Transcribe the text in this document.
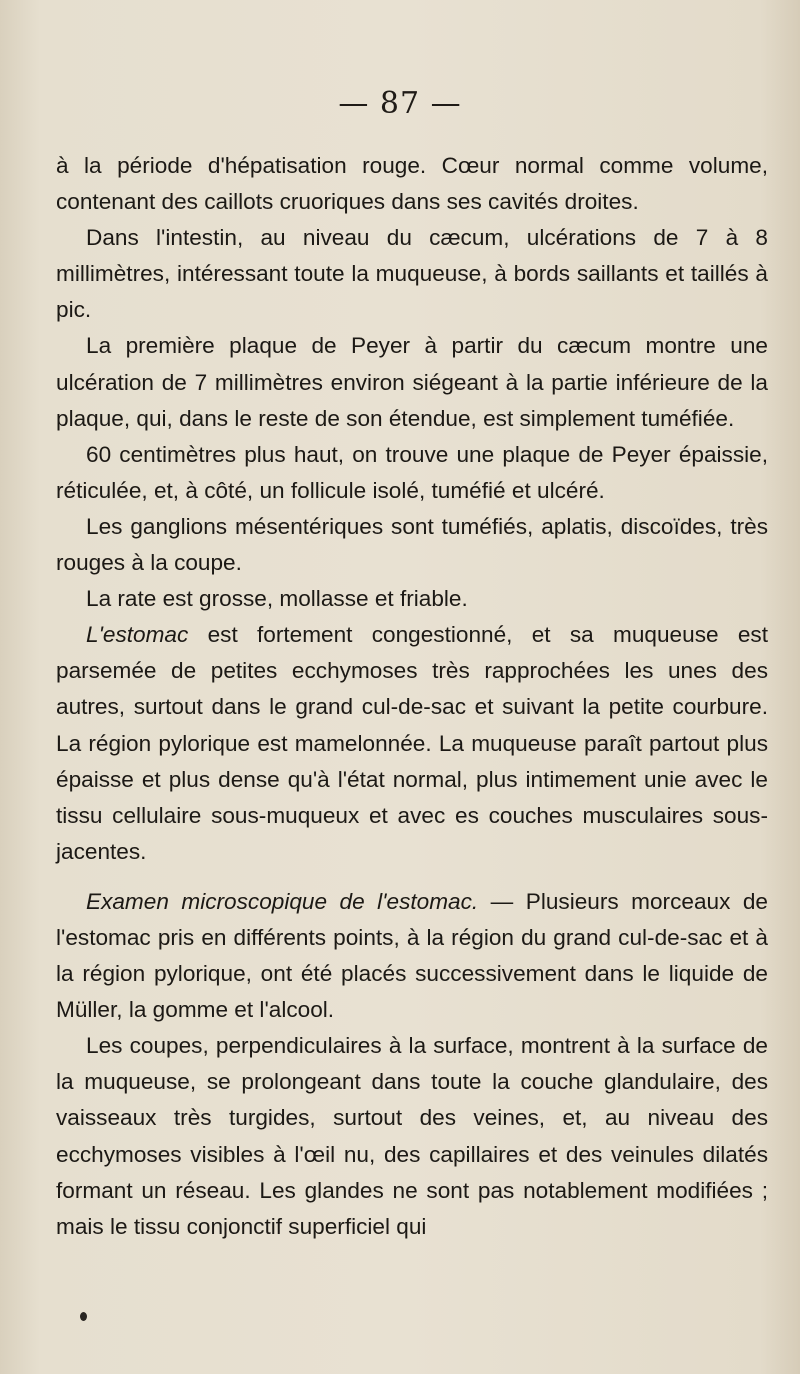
— 87 —

à la période d'hépatisation rouge. Cœur normal comme volume, contenant des caillots cruoriques dans ses cavités droites.

Dans l'intestin, au niveau du cæcum, ulcérations de 7 à 8 millimètres, intéressant toute la muqueuse, à bords saillants et taillés à pic.

La première plaque de Peyer à partir du cæcum montre une ulcération de 7 millimètres environ siégeant à la partie inférieure de la plaque, qui, dans le reste de son étendue, est simplement tuméfiée.

60 centimètres plus haut, on trouve une plaque de Peyer épaissie, réticulée, et, à côté, un follicule isolé, tuméfié et ulcéré.

Les ganglions mésentériques sont tuméfiés, aplatis, discoïdes, très rouges à la coupe.

La rate est grosse, mollasse et friable.

L'estomac est fortement congestionné, et sa muqueuse est parsemée de petites ecchymoses très rapprochées les unes des autres, surtout dans le grand cul-de-sac et suivant la petite courbure. La région pylorique est mamelonnée. La muqueuse paraît partout plus épaisse et plus dense qu'à l'état normal, plus intimement unie avec le tissu cellulaire sous-muqueux et avec es couches musculaires sous-jacentes.

Examen microscopique de l'estomac. — Plusieurs morceaux de l'estomac pris en différents points, à la région du grand cul-de-sac et à la région pylorique, ont été placés successivement dans le liquide de Müller, la gomme et l'alcool.

Les coupes, perpendiculaires à la surface, montrent à la surface de la muqueuse, se prolongeant dans toute la couche glandulaire, des vaisseaux très turgides, surtout des veines, et, au niveau des ecchymoses visibles à l'œil nu, des capillaires et des veinules dilatés formant un réseau. Les glandes ne sont pas notablement modifiées ; mais le tissu conjonctif superficiel qui
